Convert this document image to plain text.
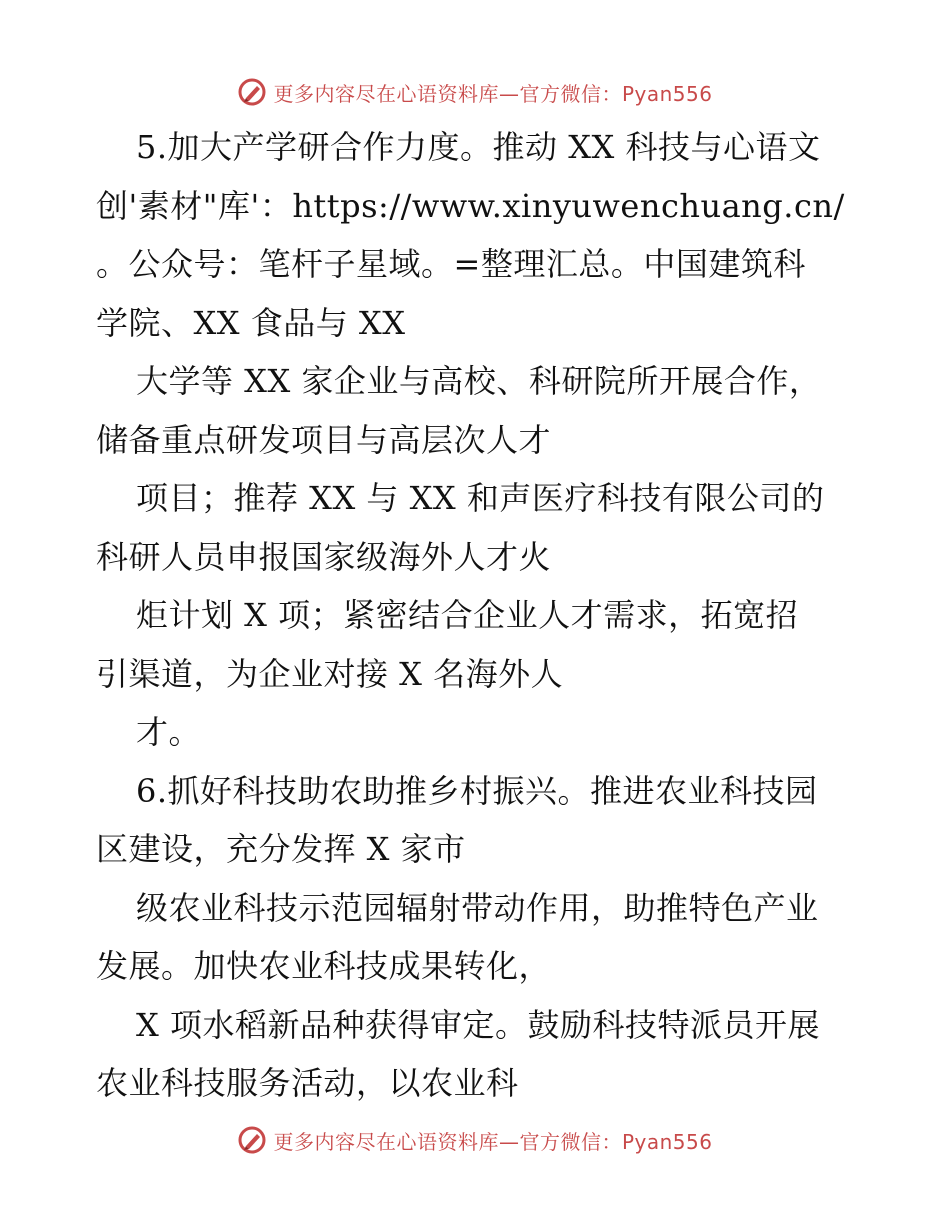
更多内容尽在心语资料库—官方微信：Pyan556
5.加大产学研合作力度。推动 XX 科技与心语文
创'素材"库'：https://www.xinyuwenchuang.cn/
。公众号：笔杆子星域。=整理汇总。中国建筑科
学院、XX 食品与 XX
大学等 XX 家企业与高校、科研院所开展合作，
储备重点研发项目与高层次人才
项目；推荐 XX 与 XX 和声医疗科技有限公司的
科研人员申报国家级海外人才火
炬计划 X 项；紧密结合企业人才需求，拓宽招
引渠道，为企业对接 X 名海外人
才。
6.抓好科技助农助推乡村振兴。推进农业科技园
区建设，充分发挥 X 家市
级农业科技示范园辐射带动作用，助推特色产业
发展。加快农业科技成果转化，
X 项水稻新品种获得审定。鼓励科技特派员开展
农业科技服务活动，以农业科
更多内容尽在心语资料库—官方微信：Pyan556
